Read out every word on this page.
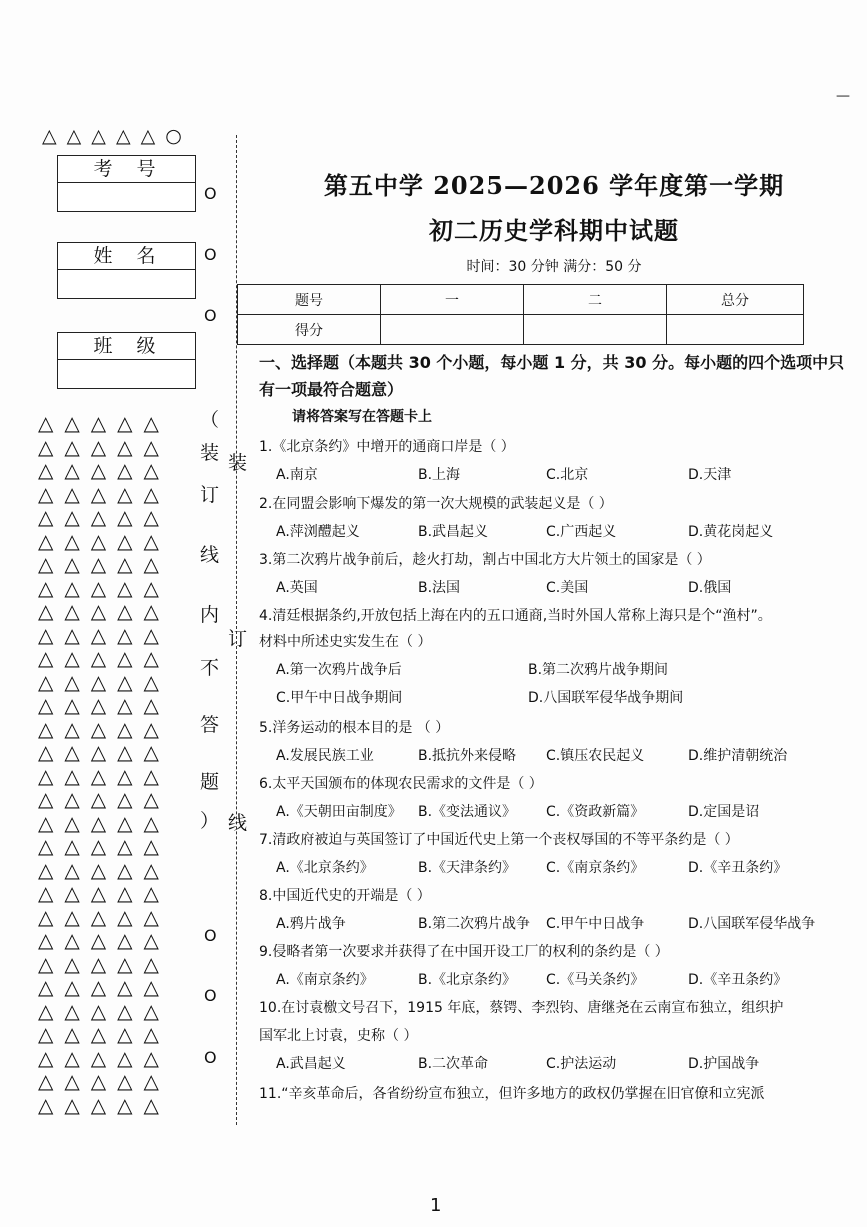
—
△ △ △ △ △ ○
考号
姓名
班级
O
O
O
O
O
O
△△△△△
△△△△△
△△△△△
△△△△△
△△△△△
△△△△△
△△△△△
△△△△△
△△△△△
△△△△△
△△△△△
△△△△△
△△△△△
△△△△△
△△△△△
△△△△△
△△△△△
△△△△△
△△△△△
△△△△△
△△△△△
△△△△△
△△△△△
△△△△△
△△△△△
△△△△△
△△△△△
△△△△△
△△△△△
△△△△△
（
装
订
线
内
不
答
题
）
装
订
线
第五中学 2025—2026 学年度第一学期
初二历史学科期中试题
时间：30 分钟 满分：50 分
题号	一	二	总分
得分			
一、选择题（本题共 30 个小题，每小题 1 分，共 30 分。每小题的四个选项中只有一项最符合题意）
请将答案写在答题卡上
1.《北京条约》中增开的通商口岸是（ ）
A.南京	B.上海	C.北京	D.天津
2.在同盟会影响下爆发的第一次大规模的武装起义是（ ）
A.萍浏醴起义	B.武昌起义	C.广西起义	D.黄花岗起义
3.第二次鸦片战争前后，趁火打劫，割占中国北方大片领土的国家是（ ）
A.英国	B.法国	C.美国	D.俄国
4.清廷根据条约,开放包括上海在内的五口通商,当时外国人常称上海只是个“渔村”。
材料中所述史实发生在（ ）
A.第一次鸦片战争后	B.第二次鸦片战争期间
C.甲午中日战争期间	D.八国联军侵华战争期间
5.洋务运动的根本目的是 （ ）
A.发展民族工业	B.抵抗外来侵略 C.镇压农民起义	D.维护清朝统治
6.太平天国颁布的体现农民需求的文件是（ ）
A.《天朝田亩制度》 B.《变法通议》 C.《资政新篇》	D.定国是诏
7.清政府被迫与英国签订了中国近代史上第一个丧权辱国的不等平条约是（ ）
A.《北京条约》	B.《天津条约》 C.《南京条约》	D.《辛丑条约》
8.中国近代史的开端是（ ）
A.鸦片战争	B.第二次鸦片战争 C.甲午中日战争	D.八国联军侵华战争
9.侵略者第一次要求并获得了在中国开设工厂的权利的条约是（ ）
A.《南京条约》	B.《北京条约》 C.《马关条约》	D.《辛丑条约》
10.在讨袁檄文号召下，1915 年底，蔡锷、李烈钧、唐继尧在云南宣布独立，组织护
国军北上讨袁，史称（ ）
A.武昌起义	B.二次革命	C.护法运动	D.护国战争
11.“辛亥革命后，各省纷纷宣布独立，但许多地方的政权仍掌握在旧官僚和立宪派
1
